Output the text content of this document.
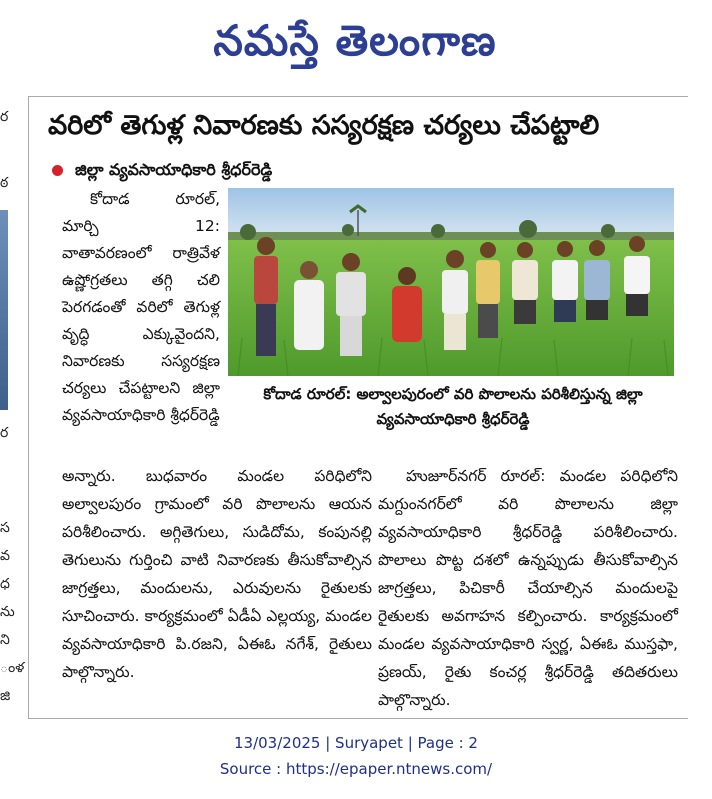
నమస్తే తెలంగాణ
ర
ఠ
ర
స
వ
ధ
ను
ని
ంళ
జి
వరిలో తెగుళ్ల నివారణకు సస్యరక్షణ చర్యలు చేపట్టాలి
జిల్లా వ్యవసాయాధికారి శ్రీధర్‌రెడ్డి
కోదాడ రూరల్: అల్వాలపురంలో వరి పొలాలను పరిశీలిస్తున్న జిల్లా వ్యవసాయాధికారి శ్రీధర్‌రెడ్డి
కోదాడ రూరల్, మార్చి 12: వాతావరణంలో రాత్రివేళ ఉష్ణోగ్రతలు తగ్గి చలి పెరగడంతో వరిలో తెగుళ్ల వృద్ధి ఎక్కువైందని, నివారణకు సస్యరక్షణ చర్యలు చేపట్టాలని జిల్లా వ్యవసాయాధికారి శ్రీధర్‌రెడ్డి
అన్నారు. బుధవారం మండల పరిధిలోని అల్వాలపురం గ్రామంలో వరి పొలాలను ఆయన పరిశీలించారు. అగ్గితెగులు, సుడిదోమ, కంపునల్లి తెగులును గుర్తించి వాటి నివారణకు తీసుకోవాల్సిన జాగ్రత్తలు, మందులను, ఎరువులను రైతులకు సూచించారు. కార్యక్రమంలో ఏడీఏ ఎల్లయ్య, మండల వ్యవసాయాధికారి పి.రజని, ఏఈఓ నగేశ్, రైతులు పాల్గొన్నారు.
హుజూర్‌నగర్ రూరల్: మండల పరిధిలోని మగ్దుంనగర్‌లో వరి పొలాలను జిల్లా వ్యవసాయాధికారి శ్రీధర్‌రెడ్డి పరిశీలించారు. పొలాలు పొట్ట దశలో ఉన్నప్పుడు తీసుకోవాల్సిన జాగ్రత్తలు, పిచికారీ చేయాల్సిన మందులపై రైతులకు అవగాహన కల్పించారు. కార్యక్రమంలో మండల వ్యవసాయాధికారి స్వర్ణ, ఏఈఓ ముస్తఫా, ప్రణయ్, రైతు కంచర్ల శ్రీధర్‌రెడ్డి తదితరులు పాల్గొన్నారు.
13/03/2025 | Suryapet | Page : 2
Source : https://epaper.ntnews.com/
